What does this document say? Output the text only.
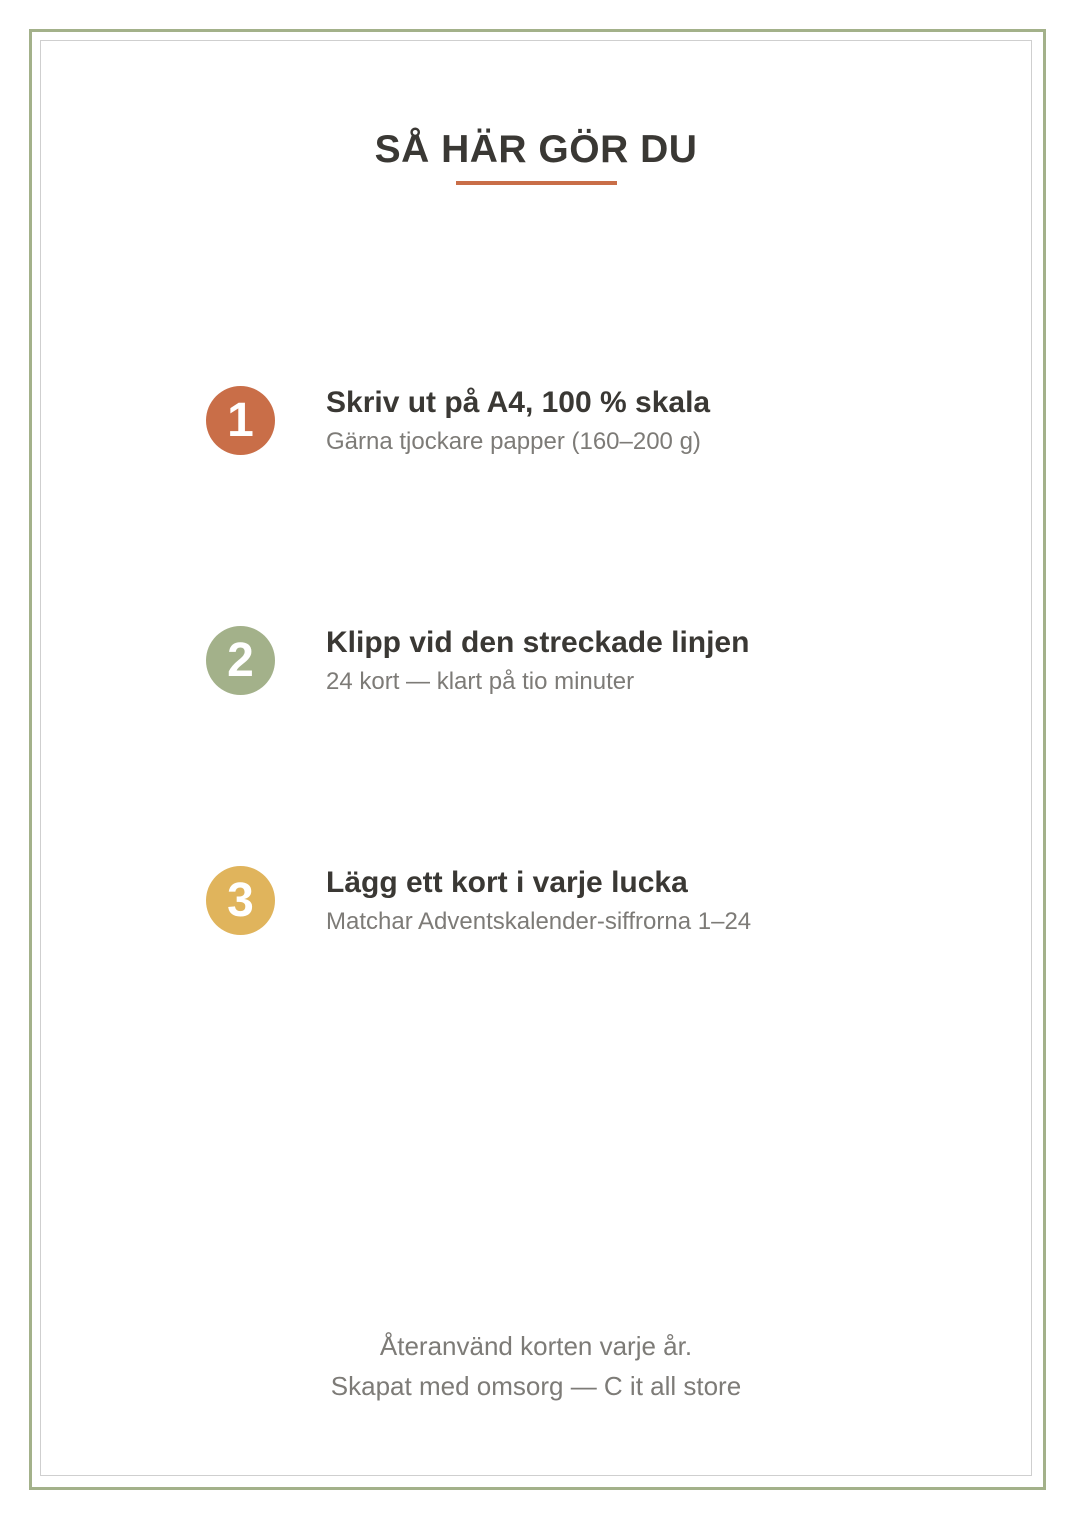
SÅ HÄR GÖR DU
1	Skriv ut på A4, 100 % skala
Gärna tjockare papper (160–200 g)
2	Klipp vid den streckade linjen
24 kort — klart på tio minuter
3	Lägg ett kort i varje lucka
Matchar Adventskalender-siffrorna 1–24
Återanvänd korten varje år.
Skapat med omsorg — C it all store
